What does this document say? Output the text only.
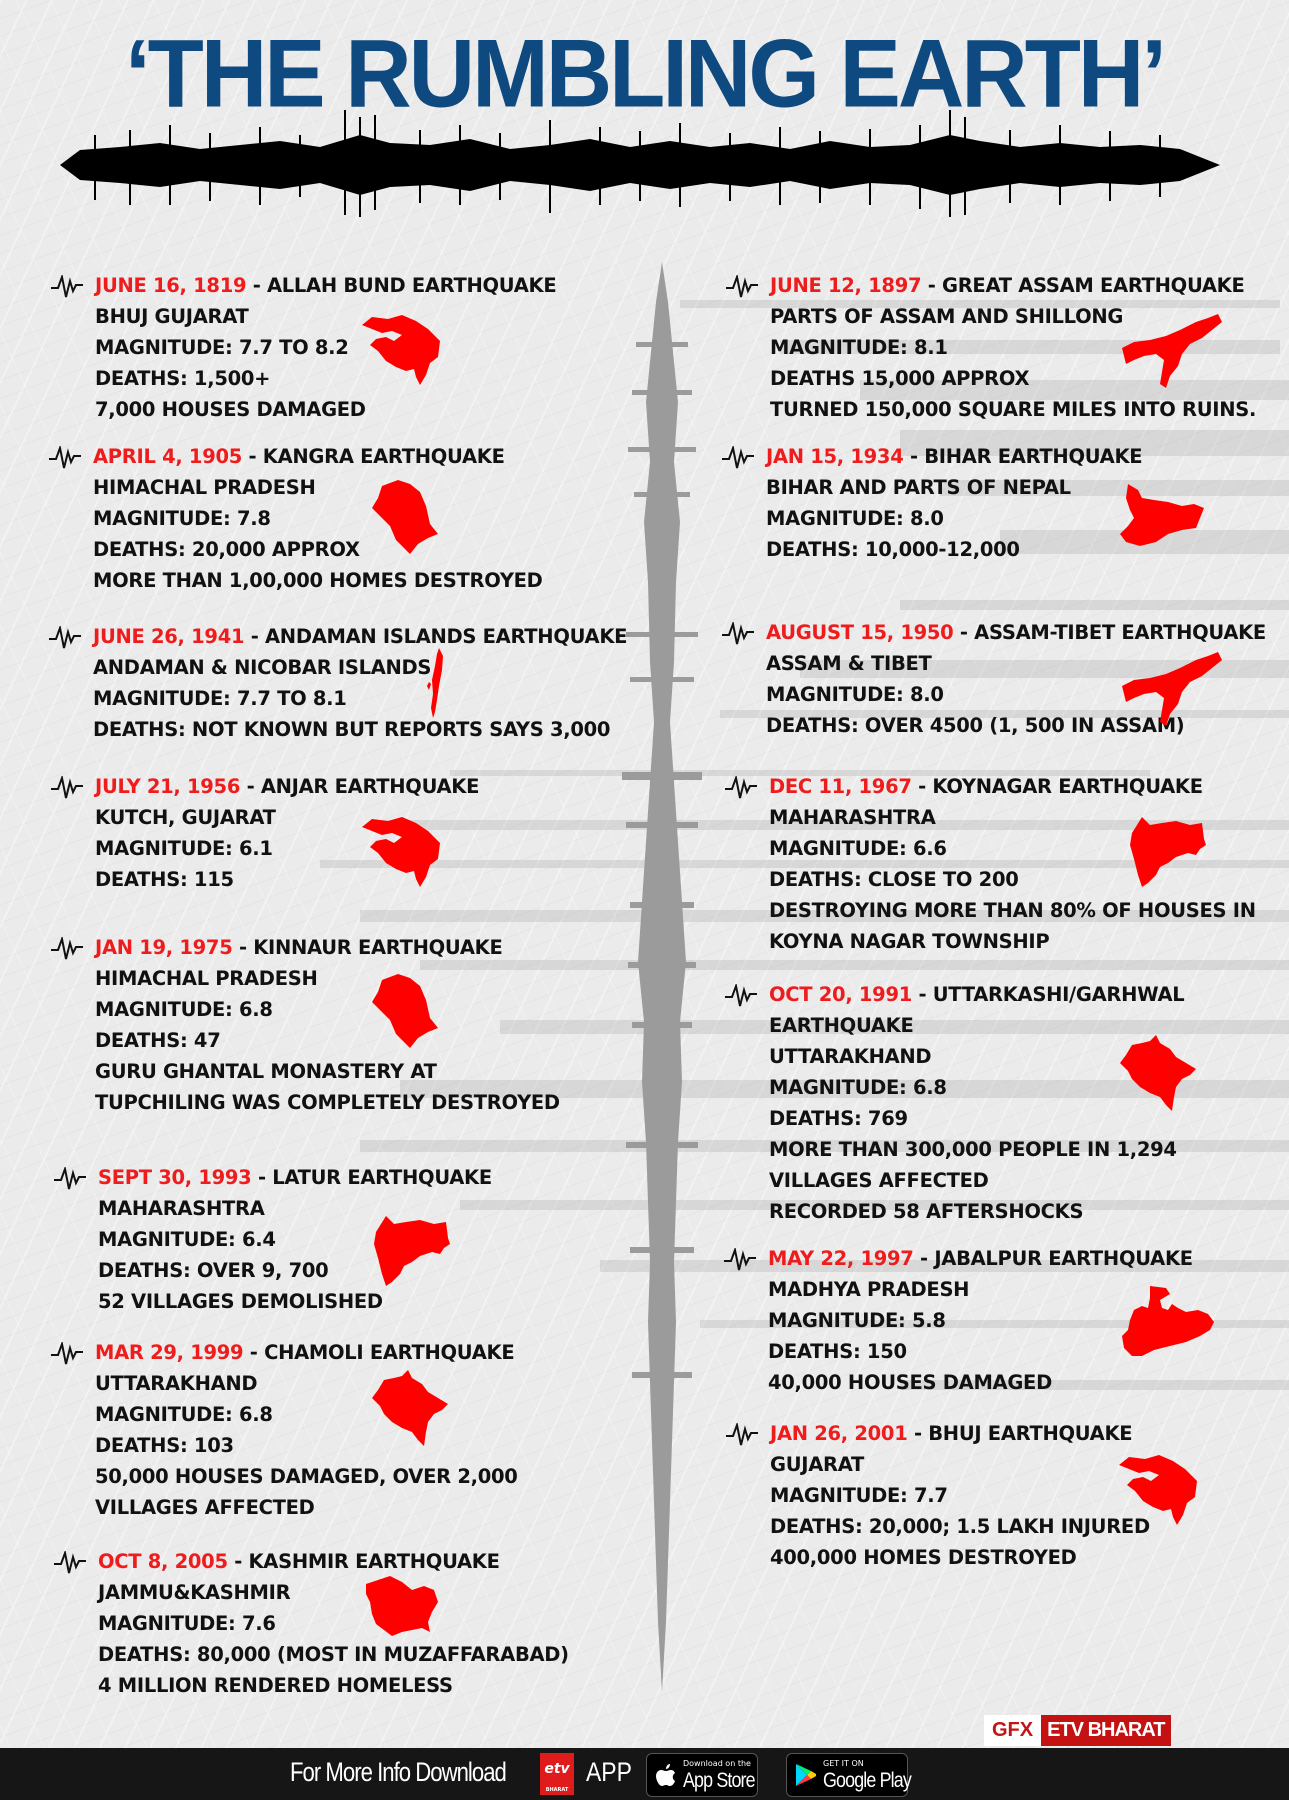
‘THE RUMBLING EARTH’
JUNE 16, 1819 - ALLAH BUND EARTHQUAKE
BHUJ GUJARAT
MAGNITUDE: 7.7 TO 8.2
DEATHS: 1,500+
7,000 HOUSES DAMAGED
APRIL 4, 1905 - KANGRA EARTHQUAKE
HIMACHAL PRADESH
MAGNITUDE: 7.8
DEATHS: 20,000 APPROX
MORE THAN 1,00,000 HOMES DESTROYED
JUNE 26, 1941 - ANDAMAN ISLANDS EARTHQUAKE
ANDAMAN & NICOBAR ISLANDS
MAGNITUDE: 7.7 TO 8.1
DEATHS: NOT KNOWN BUT REPORTS SAYS 3,000
JULY 21, 1956 - ANJAR EARTHQUAKE
KUTCH, GUJARAT
MAGNITUDE: 6.1
DEATHS: 115
JAN 19, 1975 - KINNAUR EARTHQUAKE
HIMACHAL PRADESH
MAGNITUDE: 6.8
DEATHS: 47
GURU GHANTAL MONASTERY AT
TUPCHILING WAS COMPLETELY DESTROYED
SEPT 30, 1993 - LATUR EARTHQUAKE
MAHARASHTRA
MAGNITUDE: 6.4
DEATHS: OVER 9, 700
52 VILLAGES DEMOLISHED
MAR 29, 1999 - CHAMOLI EARTHQUAKE
UTTARAKHAND
MAGNITUDE: 6.8
DEATHS: 103
50,000 HOUSES DAMAGED, OVER 2,000
VILLAGES AFFECTED
OCT 8, 2005 - KASHMIR EARTHQUAKE
JAMMU&KASHMIR
MAGNITUDE: 7.6
DEATHS: 80,000 (MOST IN MUZAFFARABAD)
4 MILLION RENDERED HOMELESS
JUNE 12, 1897 - GREAT ASSAM EARTHQUAKE
PARTS OF ASSAM AND SHILLONG
MAGNITUDE: 8.1
DEATHS 15,000 APPROX
TURNED 150,000 SQUARE MILES INTO RUINS.
JAN 15, 1934 - BIHAR EARTHQUAKE
BIHAR AND PARTS OF NEPAL
MAGNITUDE: 8.0
DEATHS: 10,000-12,000
AUGUST 15, 1950 - ASSAM-TIBET EARTHQUAKE
ASSAM & TIBET
MAGNITUDE: 8.0
DEATHS: OVER 4500 (1, 500 IN ASSAM)
DEC 11, 1967 - KOYNAGAR EARTHQUAKE
MAHARASHTRA
MAGNITUDE: 6.6
DEATHS: CLOSE TO 200
DESTROYING MORE THAN 80% OF HOUSES IN
KOYNA NAGAR TOWNSHIP
OCT 20, 1991 - UTTARKASHI/GARHWAL
EARTHQUAKE
UTTARAKHAND
MAGNITUDE: 6.8
DEATHS: 769
MORE THAN 300,000 PEOPLE IN 1,294
VILLAGES AFFECTED
RECORDED 58 AFTERSHOCKS
MAY 22, 1997 - JABALPUR EARTHQUAKE
MADHYA PRADESH
MAGNITUDE: 5.8
DEATHS: 150
40,000 HOUSES DAMAGED
JAN 26, 2001 - BHUJ EARTHQUAKE
GUJARAT
MAGNITUDE: 7.7
DEATHS: 20,000; 1.5 LAKH INJURED
400,000 HOMES DESTROYED
GFX ETV BHARAT
For More Info Download	etv
BHARAT
APP	Download on the
App Store
GET IT ON
Google Play
